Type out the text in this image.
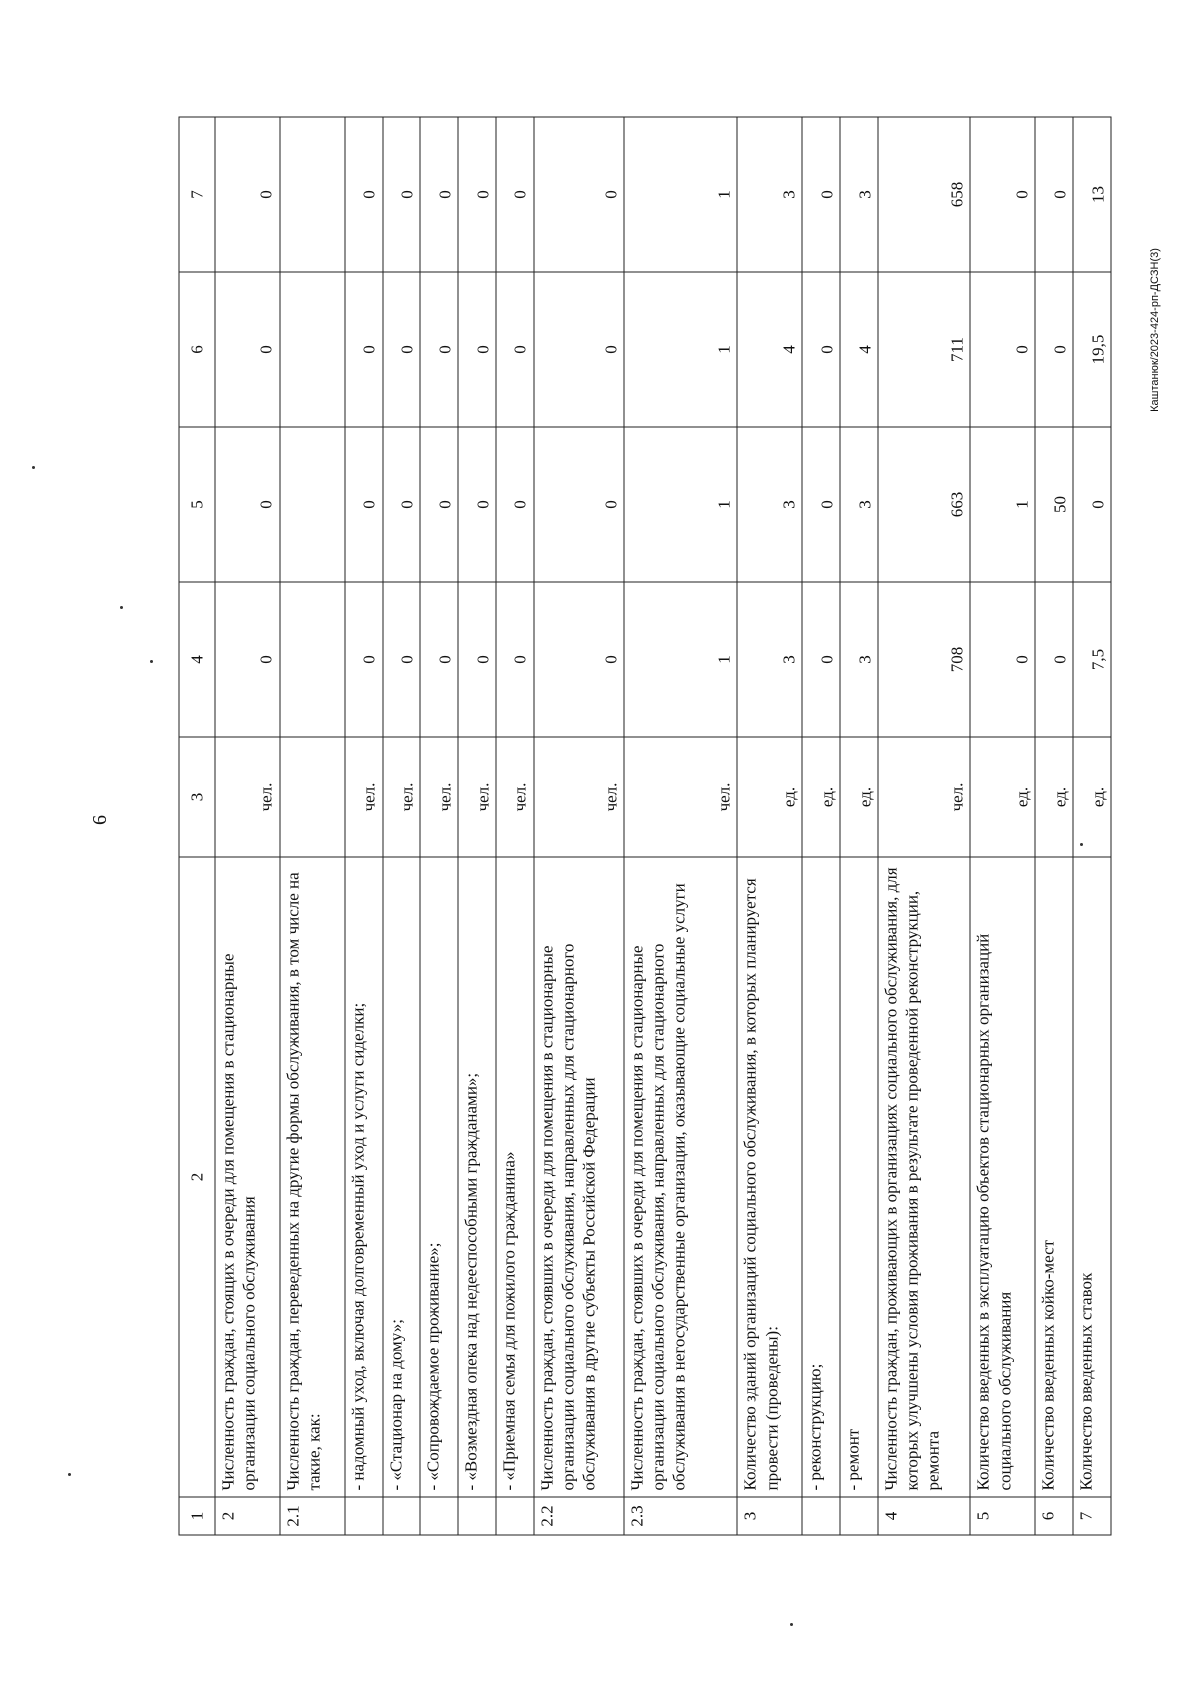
6
Каштанюк/2023-424-рп-ДСЗН(3)
1	2	3	4	5	6	7
2	Численность граждан, стоящих в очереди для помещения в стационарные организации социального обслуживания	чел.	0	0	0	0
2.1	Численность граждан, переведенных на другие формы обслуживания, в том числе на такие, как:					
	- надомный уход, включая долговременный уход и услуги сиделки;	чел.	0	0	0	0
	- «Стационар на дому»;	чел.	0	0	0	0
	- «Сопровождаемое проживание»;	чел.	0	0	0	0
	- «Возмездная опека над недееспособными гражданами»;	чел.	0	0	0	0
	- «Приемная семья для пожилого гражданина»	чел.	0	0	0	0
2.2	Численность граждан, стоявших в очереди для помещения в стационарные организации социального обслуживания, направленных для стационарного обслуживания в другие субъекты Российской Федерации	чел.	0	0	0	0
2.3	Численность граждан, стоявших в очереди для помещения в стационарные организации социального обслуживания, направленных для стационарного обслуживания в негосударственные организации, оказывающие социальные услуги	чел.	1	1	1	1
3	Количество зданий организаций социального обслуживания, в которых планируется провести (проведены):	ед.	3	3	4	3
	- реконструкцию;	ед.	0	0	0	0
	- ремонт	ед.	3	3	4	3
4	Численность граждан, проживающих в организациях социального обслуживания, для которых улучшены условия проживания в результате проведенной реконструкции, ремонта	чел.	708	663	711	658
5	Количество введенных в эксплуатацию объектов стационарных организаций социального обслуживания	ед.	0	1	0	0
6	Количество введенных койко-мест	ед.	0	50	0	0
7	Количество введенных ставок	ед.	7,5	0	19,5	13
